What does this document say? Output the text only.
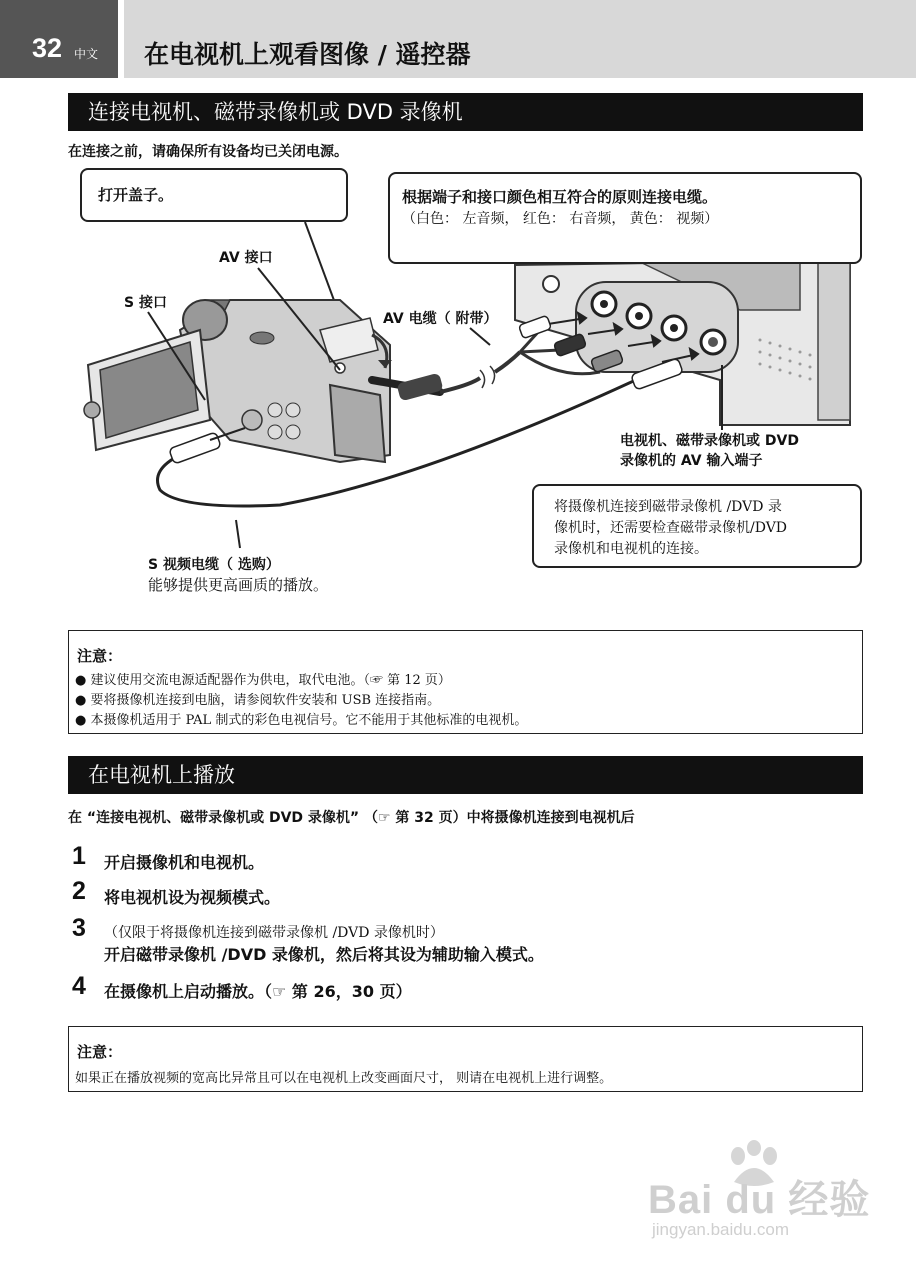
32 中文 在电视机上观看图像 / 遥控器
连接电视机、磁带录像机或 DVD 录像机
在连接之前，请确保所有设备均已关闭电源。
打开盖子。	根据端子和接口颜色相互符合的原则连接电缆。
（白色： 左音频， 红色： 右音频， 黄色： 视频）
AV 接口
S 接口
AV 电缆（ 附带）
电视机、磁带录像机或 DVD
录像机的 AV 输入端子
将摄像机连接到磁带录像机 /DVD 录
像机时，还需要检查磁带录像机/DVD
录像机和电视机的连接。
S 视频电缆（ 选购）
能够提供更高画质的播放。
注意：
● 建议使用交流电源适配器作为供电，取代电池。（☞ 第 12 页）
● 要将摄像机连接到电脑，请参阅软件安装和 USB 连接指南。
● 本摄像机适用于 PAL 制式的彩色电视信号。它不能用于其他标准的电视机。
在电视机上播放
在 “连接电视机、磁带录像机或 DVD 录像机” （☞ 第 32 页）中将摄像机连接到电视机后
1 开启摄像机和电视机。
2 将电视机设为视频模式。
3 （仅限于将摄像机连接到磁带录像机 /DVD 录像机时）
开启磁带录像机 /DVD 录像机，然后将其设为辅助输入模式。
4 在摄像机上启动播放。（☞ 第 26，30 页）
注意：
如果正在播放视频的宽高比异常且可以在电视机上改变画面尺寸， 则请在电视机上进行调整。
Bai du 经验
jingyan.baidu.com
